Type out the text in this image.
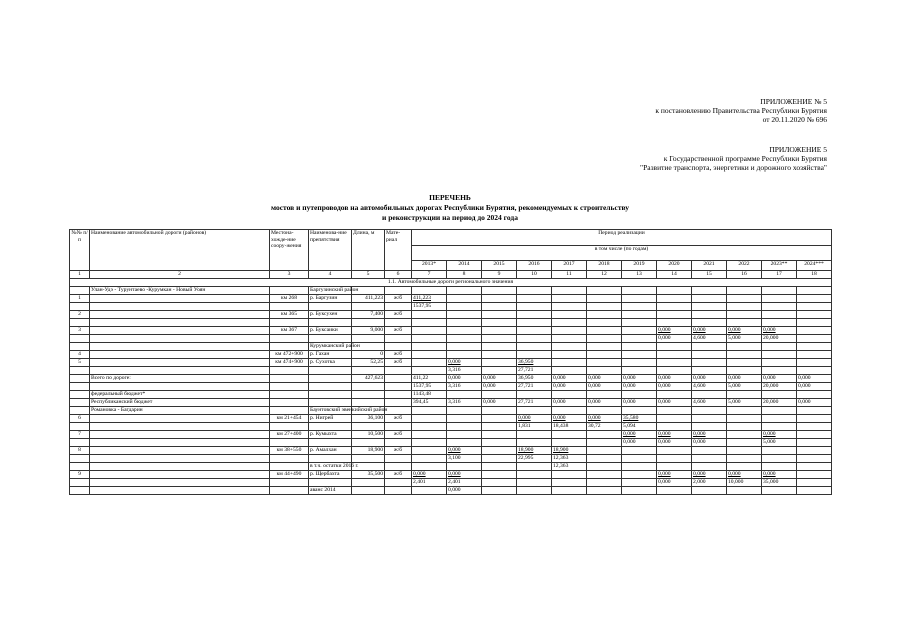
ПРИЛОЖЕНИЕ № 5
к постановлению Правительства Республики Бурятия
от 20.11.2020 № 696
ПРИЛОЖЕНИЕ 5
к Государственной программе Республики Бурятия
"Развитие транспорта, энергетики и дорожного хозяйства"
ПЕРЕЧЕНЬ
мостов и путепроводов на автомобильных дорогах Республики Бурятия, рекомендуемых к строительству
и реконструкции на период до 2024 года
№№ п/п	Наименование автомобильной дороги (районов)	Местона-хожде-ние соору-жения	Наименова-ние препятствия	Длина, м	Мате-риал	Период реализации											
						в том числе (по годам)											
						2013*	2014	2015	2016	2017	2018	2019	2020	2021	2022	2023**	2024***
1	2	3	4	5	6	7	8	9	10	11	12	13	14	15	16	17	18
1.1. Автомобильные дороги регионального значения																	
	Улан-Удэ - Турунтаево -Курумкан - Новый Уоян		Баргузинский район														
1		км 268	р. Баргузин	411,223	ж/б	411,223											
						1537,95											
2		км 365	р. Буксухен	7,400	ж/б												

3		км 367	р. Буксаики	9,000	ж/б								0,000	0,000	0,000	0,000	
													0,000	4,600	5,000	20,000	
			Курумканский район														
4		км 472+900	р. Гахан	0	ж/б												
5		км 474+900	р. Сухотка	52,25	ж/б		0,000		36,950								
							3,316		27,721								
	Всего по дороге:			427,623		411,22	0,000	0,000	36,950	0,000	0,000	0,000	0,000	0,000	0,000	0,000	0,000
						1537,95	3,316	0,000	27,721	0,000	0,000	0,000	0,000	4,600	5,000	20,000	0,000
	федеральный бюджет*					1143,48											
	Республиканский бюджет					394,45	3,316	0,000	27,721	0,000	0,000	0,000	0,000	4,600	5,000	20,000	0,000
	Романовка - Багдарин		Баунтовский эвенкийский район														
6		км 21+454	р. Нигрей	36,100	ж/б				0,000	0,000	0,000	35,580					
									1,831	18,438	30,72	5,094					
7		км 27+400	р. Кумыхта	10,500	ж/б							0,000	0,000	0,000		0,000	
												0,000	0,000	0,000		5,000	
8		км 38+550	р. Амалхан	18,900	ж/б		0,000		18,900	18,900							
							3,100		22,995	12,363							
			в т.ч. остатки 2016 г.							12,363							
9		км 44+490	р. Щербахта	35,500	ж/б	0,000	0,000						0,000	0,000	0,000	0,000	
						2,401	2,401						0,000	2,000	10,000	35,000	
			аванс 2014				0,000										
